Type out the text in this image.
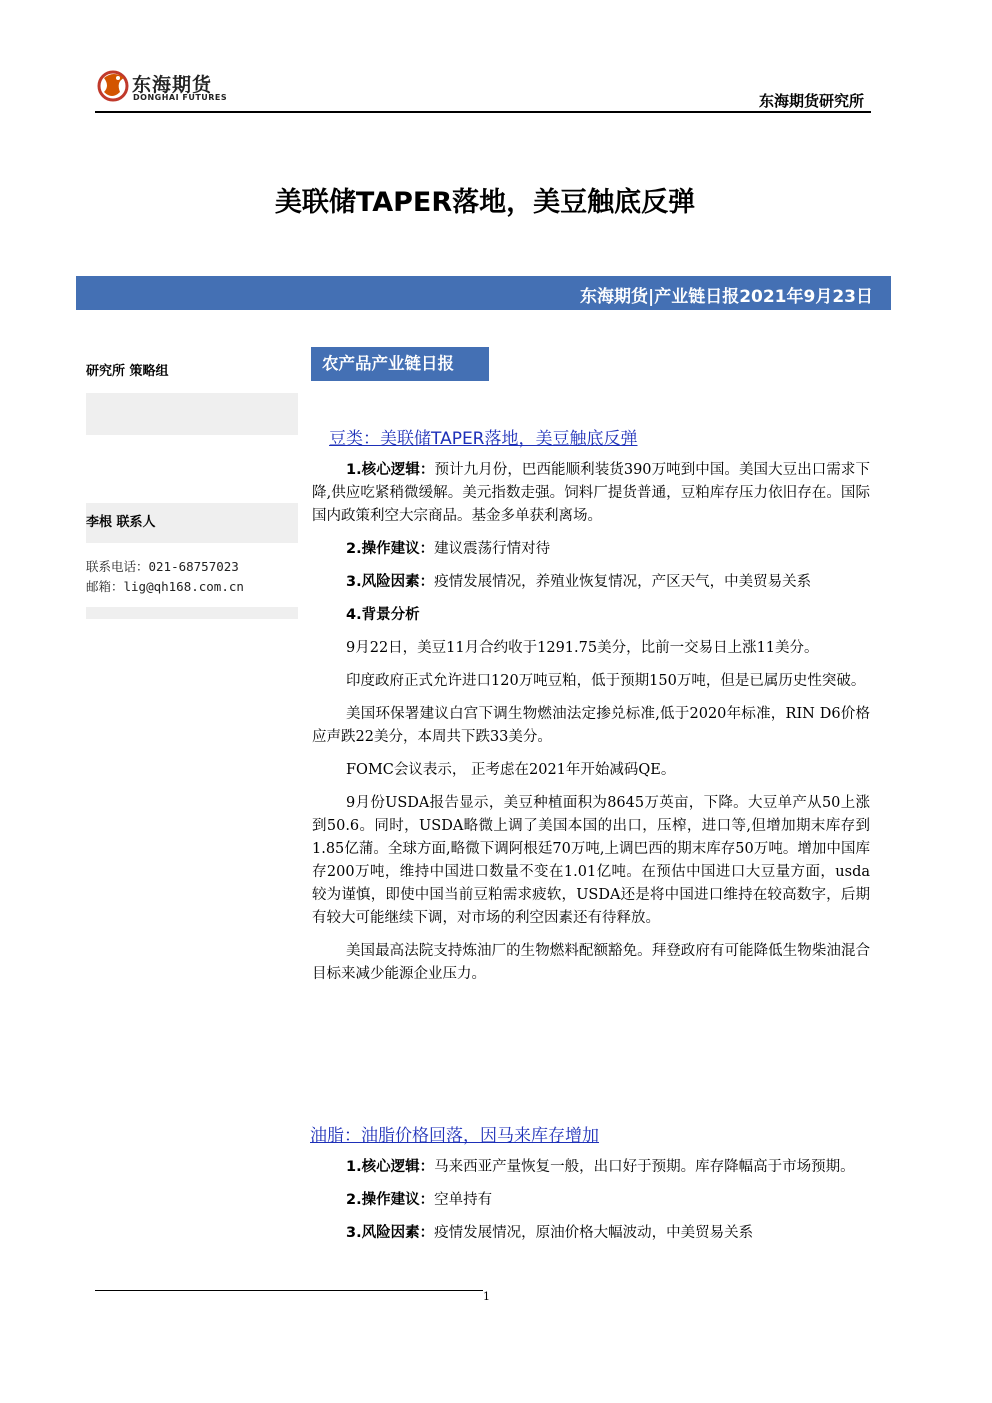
东海期货
DONGHAI FUTURES	东海期货研究所
美联储TAPER落地，美豆触底反弹
东海期货|产业链日报2021年9月23日
研究所 策略组
李根 联系人
联系电话：021-68757023
邮箱：lig@qh168.com.cn
农产品产业链日报
豆类：美联储TAPER落地，美豆触底反弹

1.核心逻辑：预计九月份，巴西能顺利装货390万吨到中国。美国大豆出口需求下降,供应吃紧稍微缓解。美元指数走强。饲料厂提货普通，豆粕库存压力依旧存在。国际国内政策利空大宗商品。基金多单获利离场。

2.操作建议：建议震荡行情对待

3.风险因素：疫情发展情况，养殖业恢复情况，产区天气，中美贸易关系

4.背景分析

9月22日，美豆11月合约收于1291.75美分，比前一交易日上涨11美分。

印度政府正式允许进口120万吨豆粕，低于预期150万吨，但是已属历史性突破。

美国环保署建议白宫下调生物燃油法定掺兑标准,低于2020年标准，RIN D6价格应声跌22美分，本周共下跌33美分。

FOMC会议表示， 正考虑在2021年开始减码QE。

9月份USDA报告显示，美豆种植面积为8645万英亩，下降。大豆单产从50上涨到50.6。同时，USDA略微上调了美国本国的出口，压榨，进口等,但增加期末库存到1.85亿蒲。全球方面,略微下调阿根廷70万吨,上调巴西的期末库存50万吨。增加中国库存200万吨，维持中国进口数量不变在1.01亿吨。在预估中国进口大豆量方面，usda较为谨慎，即使中国当前豆粕需求疲软，USDA还是将中国进口维持在较高数字，后期有较大可能继续下调，对市场的利空因素还有待释放。

美国最高法院支持炼油厂的生物燃料配额豁免。拜登政府有可能降低生物柴油混合目标来减少能源企业压力。

油脂：油脂价格回落，因马来库存增加

1.核心逻辑：马来西亚产量恢复一般，出口好于预期。库存降幅高于市场预期。

2.操作建议：空单持有

3.风险因素：疫情发展情况，原油价格大幅波动，中美贸易关系

1
